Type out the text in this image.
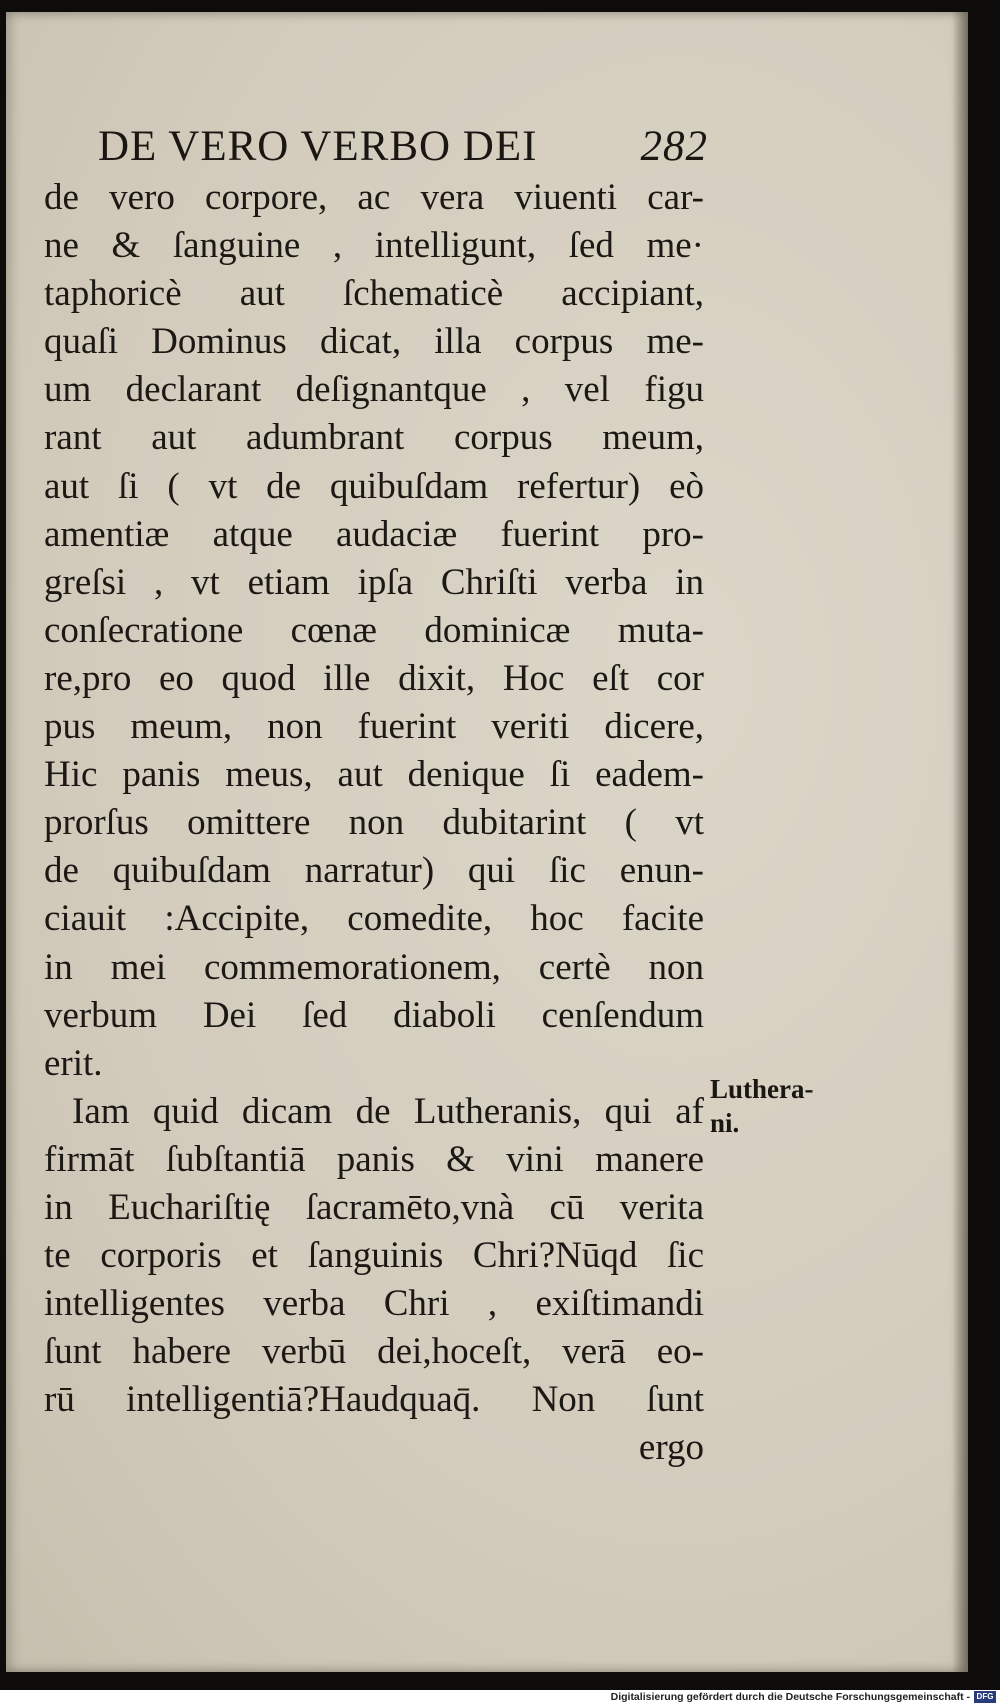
DE VERO VERBO DEI 282
de vero corpore, ac vera viuenti car-
ne & ſanguine , intelligunt, ſed me·
taphoricè aut ſchematicè accipiant,
quaſi Dominus dicat, illa corpus me-
um declarant deſignantque , vel figu
rant aut adumbrant corpus meum,
aut ſi ( vt de quibuſdam refertur) eò
amentiæ atque audaciæ fuerint pro-
greſsi , vt etiam ipſa Chriſti verba in
conſecratione cœnæ dominicæ muta-
re,pro eo quod ille dixit, Hoc eſt cor
pus meum, non fuerint veriti dicere,
Hic panis meus, aut denique ſi eadem-
prorſus omittere non dubitarint ( vt
de quibuſdam narratur) qui ſic enun-
ciauit :Accipite, comedite, hoc facite
in mei commemorationem, certè non
verbum Dei ſed diaboli cenſendum
erit.
Iam quid dicam de Lutheranis, qui af
firmāt ſubſtantiā panis & vini manere
in Euchariſtię ſacramēto,vnà cū verita
te corporis et ſanguinis Chri?Nūqd ſic
intelligentes verba Chri , exiſtimandi
ſunt habere verbū dei,hoceſt, verā eo-
rū intelligentiā?Haudquaq̄. Non ſunt
ergo
Luthera-
ni.
Digitalisierung gefördert durch die Deutsche Forschungsgemeinschaft - DFG
